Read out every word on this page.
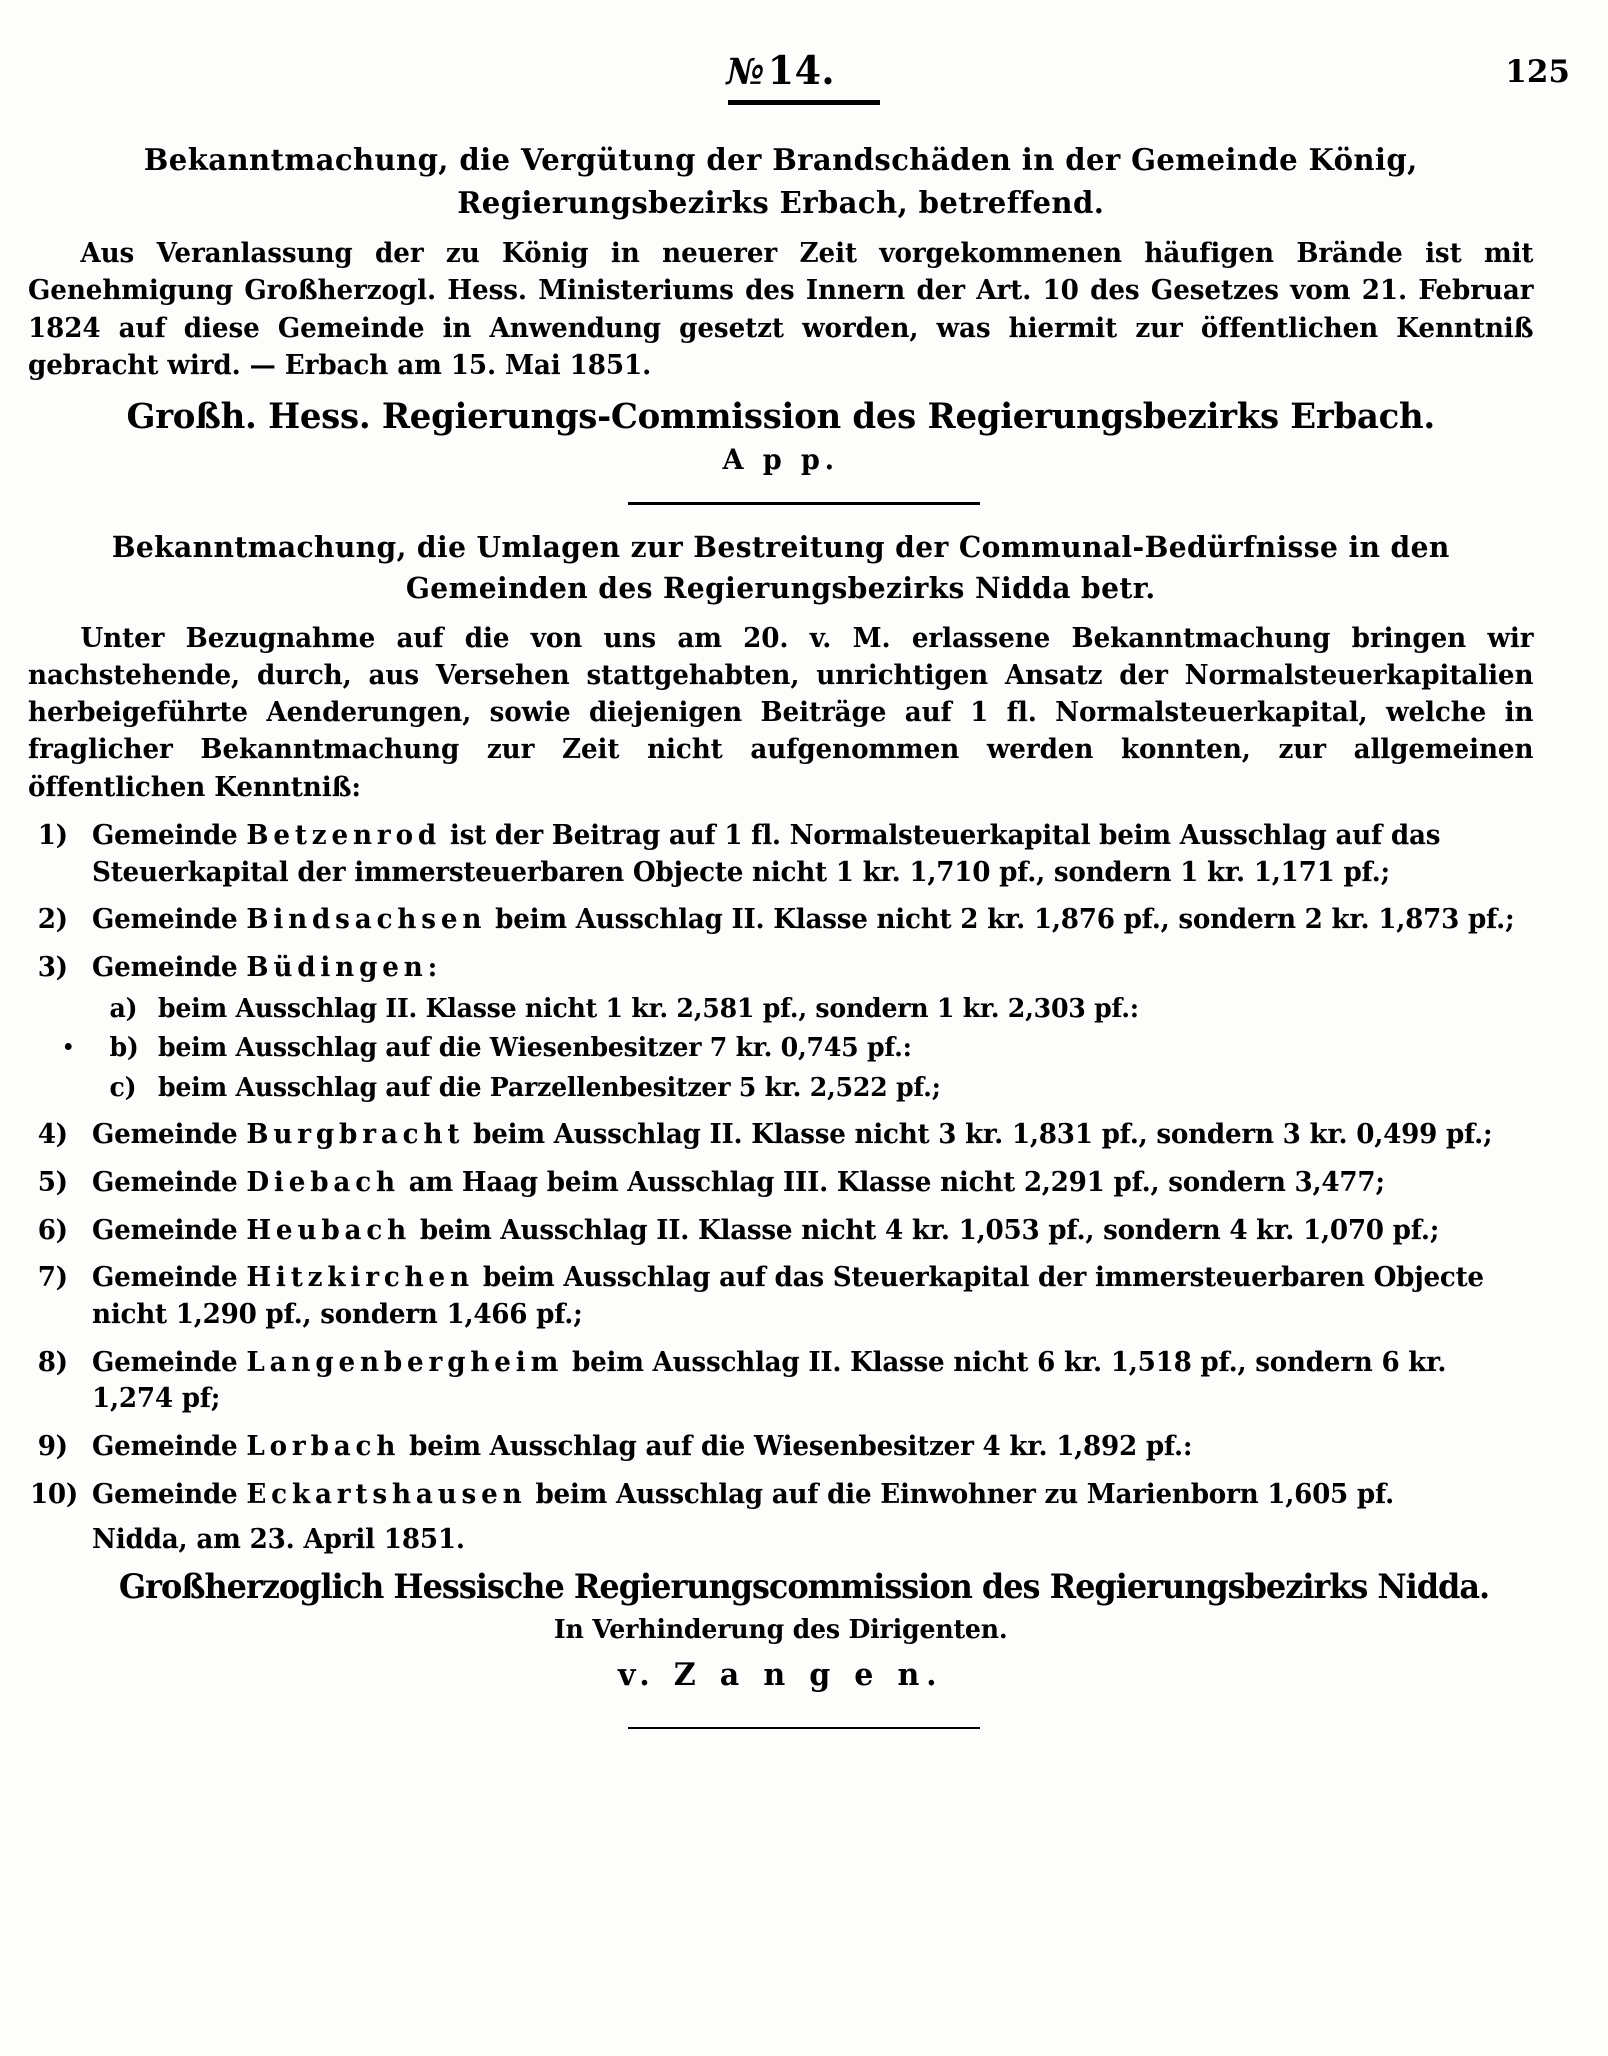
№14.	125
Bekanntmachung, die Vergütung der Brandschäden in der Gemeinde König,
Regierungsbezirks Erbach, betreffend.

Aus Veranlassung der zu König in neuerer Zeit vorgekommenen häufigen Brände ist mit Genehmigung Großherzogl. Hess. Ministeriums des Innern der Art. 10 des Gesetzes vom 21. Februar 1824 auf diese Gemeinde in Anwendung gesetzt worden, was hiermit zur öffentlichen Kenntniß gebracht wird. — Erbach am 15. Mai 1851.

Großh. Hess. Regierungs-Commission des Regierungsbezirks Erbach.
A p p.
Bekanntmachung, die Umlagen zur Bestreitung der Communal-Bedürfnisse in den
Gemeinden des Regierungsbezirks Nidda betr.

Unter Bezugnahme auf die von uns am 20. v. M. erlassene Bekanntmachung bringen wir nachstehende, durch, aus Versehen stattgehabten, unrichtigen Ansatz der Normalsteuerkapitalien herbeigeführte Aenderungen, sowie diejenigen Beiträge auf 1 fl. Normalsteuerkapital, welche in fraglicher Bekanntmachung zur Zeit nicht aufgenommen werden konnten, zur allgemeinen öffentlichen Kenntniß:

1) Gemeinde Betzenrod ist der Beitrag auf 1 fl. Normalsteuerkapital beim Ausschlag auf das Steuerkapital der immersteuerbaren Objecte nicht 1 kr. 1,710 pf., sondern 1 kr. 1,171 pf.;
2) Gemeinde Bindsachsen beim Ausschlag II. Klasse nicht 2 kr. 1,876 pf., sondern 2 kr. 1,873 pf.;
3) Gemeinde Büdingen:
a) beim Ausschlag II. Klasse nicht 1 kr. 2,581 pf., sondern 1 kr. 2,303 pf.:
b) beim Ausschlag auf die Wiesenbesitzer 7 kr. 0,745 pf.:
c) beim Ausschlag auf die Parzellenbesitzer 5 kr. 2,522 pf.;
4) Gemeinde Burgbracht beim Ausschlag II. Klasse nicht 3 kr. 1,831 pf., sondern 3 kr. 0,499 pf.;
5) Gemeinde Diebach am Haag beim Ausschlag III. Klasse nicht 2,291 pf., sondern 3,477;
6) Gemeinde Heubach beim Ausschlag II. Klasse nicht 4 kr. 1,053 pf., sondern 4 kr. 1,070 pf.;
7) Gemeinde Hitzkirchen beim Ausschlag auf das Steuerkapital der immersteuerbaren Objecte nicht 1,290 pf., sondern 1,466 pf.;
8) Gemeinde Langenbergheim beim Ausschlag II. Klasse nicht 6 kr. 1,518 pf., sondern 6 kr. 1,274 pf;
9) Gemeinde Lorbach beim Ausschlag auf die Wiesenbesitzer 4 kr. 1,892 pf.:
10) Gemeinde Eckartshausen beim Ausschlag auf die Einwohner zu Marienborn 1,605 pf.
Nidda, am 23. April 1851.
Großherzoglich Hessische Regierungscommission des Regierungsbezirks Nidda.
In Verhinderung des Dirigenten.
v. Z a n g e n.
